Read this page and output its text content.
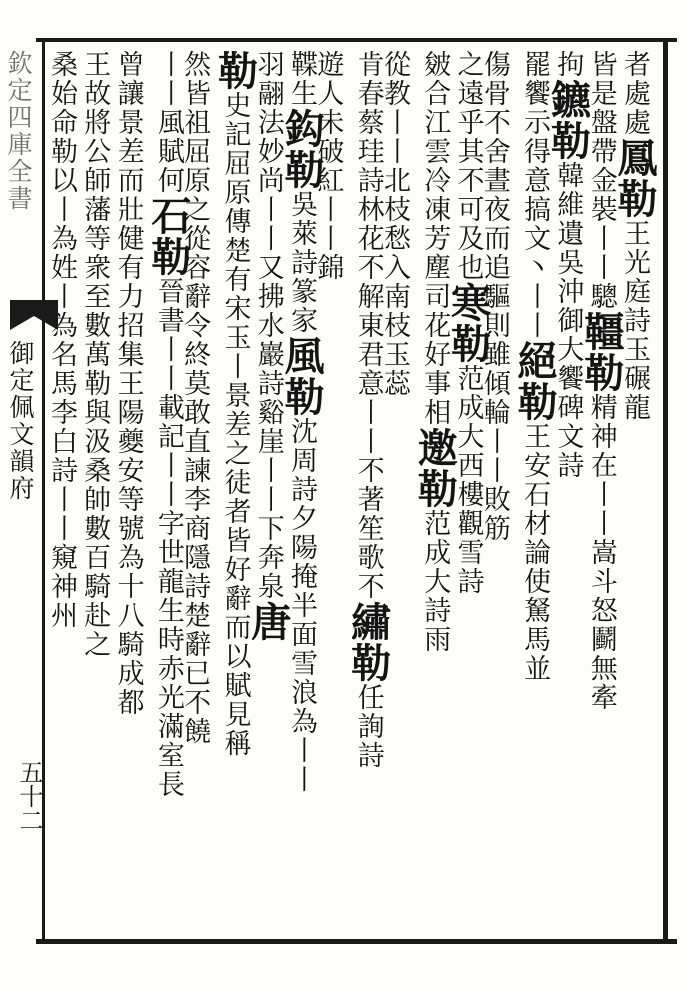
欽定四庫全書
御定佩文韻府
五十二
者處處鳳勒王光庭詩玉碾龍
皆是盤帶金裝丨丨驄韁勒精神在丨丨嵩斗怒鬬無牽
拘鑣勒韓維遺吳沖御大饗碑文詩
罷饗示得意搞文丶丨丨絕勒王安石材論使駑馬並
傷骨不舍晝夜而追驅則雖傾輪丨丨敗筋
之遠乎其不可及也寒勒范成大西樓觀雪詩
皴合江雲冷凍芳塵司花好事相邀勒范成大詩雨
從教丨丨北枝愁入南枝玉蕊
肯春蔡珪詩林花不解東君意丨丨不著笙歌不繡勒任詢詩
遊人未破紅丨丨錦
鞢生鈎勒吳萊詩篆家風勒沈周詩夕陽掩半面雪浪為丨丨
羽翮法妙尚丨丨又拂水巖詩谿崖丨丨下奔泉唐
勒史記屈原傳楚有宋玉丨景差之徒者皆好辭而以賦見稱
然皆祖屈原之從容辭令終莫敢直諫李商隱詩楚辭已不饒
丨丨風賦何石勒晉書丨丨載記丨丨字世龍生時赤光滿室長
曾讓景差而壯健有力招集王陽夔安等號為十八騎成都
王故將公師藩等衆至數萬勒與汲桑帥數百騎赴之
桑始命勒以丨為姓丨為名馬李白詩丨丨窺神州
